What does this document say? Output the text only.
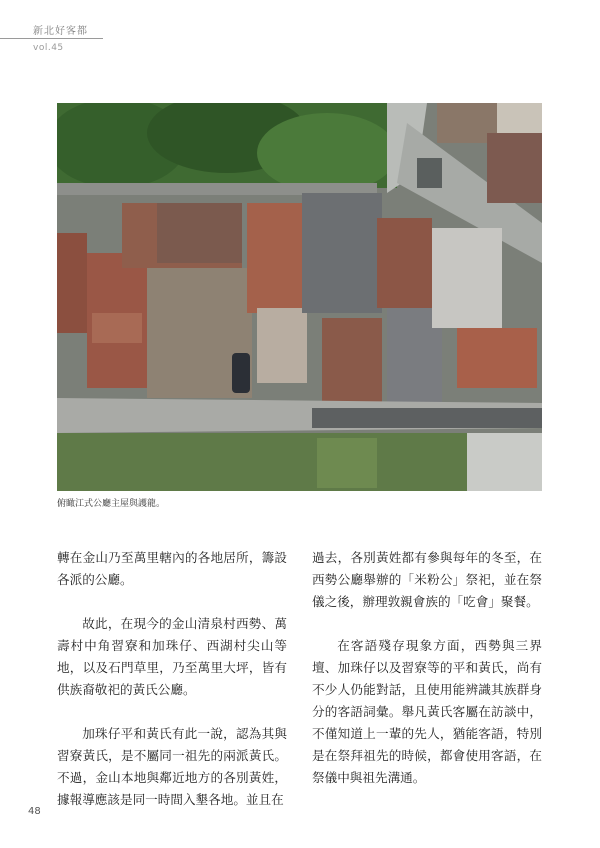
新北好客都
vol.45
俯瞰江式公廳主屋與護龍。

轉在金山乃至萬里轄內的各地居所，籌設各派的公廳。

故此，在現今的金山清泉村西勢、萬壽村中角習寮和加珠仔、西湖村尖山等地，以及石門草里，乃至萬里大坪，皆有供族裔敬祀的黃氏公廳。

加珠仔平和黃氏有此一說，認為其與習寮黃氏，是不屬同一祖先的兩派黃氏。不過，金山本地與鄰近地方的各別黃姓，據報導應該是同一時間入墾各地。並且在

過去，各別黃姓都有參與每年的冬至，在西勢公廳舉辦的「米粉公」祭祀，並在祭儀之後，辦理敦親會族的「吃會」聚餐。

在客語殘存現象方面，西勢與三界壇、加珠仔以及習寮等的平和黃氏，尚有不少人仍能對話，且使用能辨識其族群身分的客語詞彙。舉凡黃氏客屬在訪談中，不僅知道上一輩的先人，猶能客語，特別是在祭拜祖先的時候，都會使用客語，在祭儀中與祖先溝通。

48
